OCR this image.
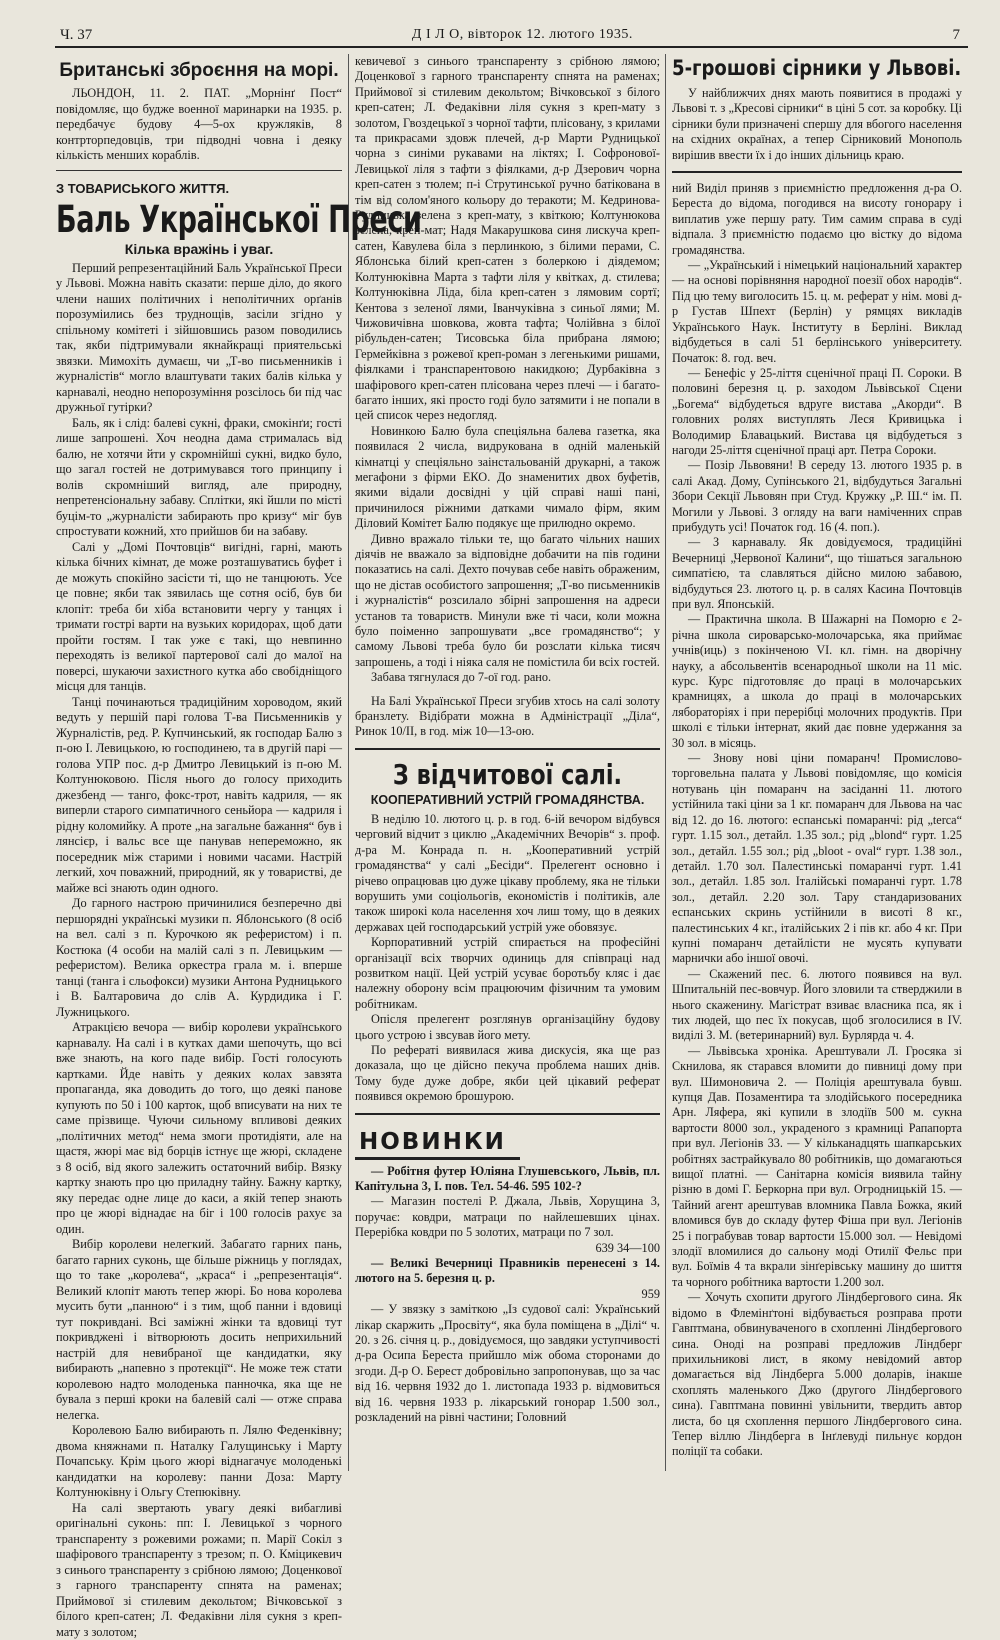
Ч. 37	Д І Л О, вівторок 12. лютого 1935.	7
Британські зброєння на морі.

ЛЬОНДОН, 11. 2. ПАТ. „Морнінґ Пост“ повідомляє, що будже военної маринарки на 1935. р. передбачує будову 4—5-ох кружляків, 8 контрторпедовців, три підводні човна і деяку кількість менших кораблів.

З ТОВАРИСЬКОГО ЖИТТЯ.
Баль Української Преси
Кілька вражінь і уваг.

Перший репрезентаційний Баль Української Преси у Львові. Можна навіть сказати: перше діло, до якого члени наших політичних і неполітичних орґанів порозуміились без труднощів, засіли згідно у спільному комітеті і зійшовшись разом поводились так, якби підтримували якнайкращі приятельські звязки. Мимохіть думаєш, чи „Т-во письменників і журналістів“ могло влаштувати таких балів кілька у карнавалі, неодно непорозуміння розсілось би під час дружньої гутірки?

Баль, як і слід: балеві сукні, фраки, смокінґи; гості лише запрошені. Хоч неодна дама стрималась від балю, не хотячи йти у скромнійші сукні, видко було, що загал гостей не дотримувався того принципу і волів скромніший вигляд, але природну, непретенсіональну забаву. Сплітки, які йшли по місті буцім-то „журналісти забирають про кризу“ міг був спростувати кожний, хто прийшов би на забаву.

Салі у „Домі Почтовців“ вигідні, гарні, мають кілька бічних кімнат, де може розташуватись буфет і де можуть спокійно засісти ті, що не танцюють. Усе це повне; якби так зявилась ще сотня осіб, був би клопіт: треба би хіба встановити чергу у танцях і тримати гострі варти на вузьких коридорах, щоб дати пройти гостям. І так уже є такі, що невпинно переходять із великої партерової салі до малої на поверсі, шукаючи захистного кутка або свобідніщого місця для танців.

Танці починаються традиційним хороводом, який ведуть у першій парі голова Т-ва Письменників у Журналістів, ред. Р. Купчинський, як господар Балю з п-ою І. Левицькою, ю господинею, та в другій парі — голова УПР пос. д-р Дмитро Левицький із п-ою М. Колтунюковою. Після нього до голосу приходить джезбенд — танго, фокс-трот, навіть кадриля, — як виперли старого симпатичного сеньйора — кадриля і рідну коломийку. А проте „на загальне бажання“ був і лянсієр, і вальс все ще панував непереможно, як посередник між старими і новими часами. Настрій легкий, хоч поважний, природний, як у товаристві, де майже всі знають один одного.

До гарного настрою причинилися безперечно дві першорядні українські музики п. Яблонського (8 осіб на вел. салі з п. Курочкою як реферистом) і п. Костюка (4 особи на малій салі з п. Левицьким — реферистом). Велика оркестра грала м. і. вперше танці (танга і сльофокси) музики Антона Рудницького і В. Балтаровича до слів А. Курдидика і Г. Лужницького.

Атракцією вечора — вибір королеви українського карнавалу. На салі і в кутках дами шепочуть, що всі вже знають, на кого паде вибір. Гості голосують картками. Йде навіть у деяких колах завзята пропаганда, яка доводить до того, що деякі панове купують по 50 і 100 карток, щоб вписувати на них те саме прізвище. Чуючи сильному впливові деяких „політичних метод“ нема змоги протидіяти, але на щастя, жюрі має від борців істнує ще жюрі, складене з 8 осіб, від якого залежить остаточний вибір. Вязку картку знають про цю приладну тайну. Бажну картку, яку передає одне лице до каси, а якій тепер знають про це жюрі віднадає на біг і 100 голосів рахує за один.

Вибір королеви нелегкий. Забагато гарних пань, багато гарних суконь, ще більше ріжниць у поглядах, що то таке „королева“, „краса“ і „репрезентація“. Великий клопіт мають тепер жюрі. Бо нова королева мусить бути „панною“ і з тим, щоб панни і вдовиці тут покривдані. Всі заміжні жінки та вдовиці тут покривджені і вітворюють досить неприхильний настрій для невибраної ще кандидатки, яку вибирають „напевно з протекції“. Не може теж стати королевою надто молоденька панночка, яка ще не бувала з перші кроки на балевій салі — отже справа нелегка.

Королевою Балю вибирають п. Лялю Феденківну; двома княжнами п. Наталку Галущинську і Марту Почапську. Крім цього жюрі віднагачує молоденькі кандидатки на королеву: панни Доза: Марту Колтунюківну і Ольгу Степюківну.

На салі звертають увагу деякі вибагливі оригінальні суконь: пп: І. Левицької з чорного транспаренту з рожевими рожами; п. Марії Сокіл з шафірового транспаренту з трезом; п. О. Кміцикевич з синього транспаренту з срібною лямою; Доценкової з гарного транспаренту спнята на раменах; Приймової зі стилевим декольтом; Вічковської з білого креп-сатен; Л. Федаківни ліля сукня з креп-мату з золотом;

кевичевої з синього транспаренту з срібною лямою; Доценкової з гарного транспаренту спнята на раменах; Приймової зі стилевим декольтом; Вічковської з білого креп-сатен; Л. Федаківни ліля сукня з креп-мату з золотом, Гвоздецької з чорної тафти, плісовану, з крилами та прикрасами здовж плечей, д-р Марти Рудницької чорна з синіми рукавами на ліктях; І. Софронової-Левицької ліля з тафти з фіялками, д-р Дзерович чорна креп-сатен з тюлем; п-і Струтинської ручно батікована в тім від солом'яного кольору до теракоти; М. Кедринова-Рудницька зелена з креп-мату, з квіткою; Колтунюкова зелена, креп-мат; Надя Макарушкова синя лискуча креп-сатен, Кавулева біла з перлинкою, з білими перами, С. Яблонська білий креп-сатен з болеркою і діядемом; Колтунюківна Марта з тафти ліля у квітках, д. стилева; Колтунюківна Ліда, біла креп-сатен з лямовим сортї; Кентова з зеленої лями, Іванчуківна з синьої лями; М. Чижовичівна шовкова, жовта тафта; Чолійвна з білої рібульден-сатен; Тисовська біла прибрана лямою; Гермейківна з рожевої креп-роман з легенькими ришами, фіялками і транспарентовою накидкою; Дурбаківна з шафірового креп-сатен плісована через плечі — і багато-багато інших, які просто годі було затямити і не попали в цей список через недогляд.

Новинкою Балю була спеціяльна балева газетка, яка появилася 2 числа, видрукована в одній маленькій кімнатці у спеціяльно заінстальованій друкарні, а також мегафони з фірми ЕКО. До знаменитих двох буфетів, якими відали досвідні у цій справі наші пані, причинилося ріжними датками чимало фірм, яким Діловий Комітет Балю подякує ще прилюдно окремо.

Дивно вражало тільки те, що багато чільних наших діячів не вважало за відповідне добачити на пів години показатись на салі. Дехто почував себе навіть ображеним, що не дістав особистого запрошення; „Т-во письменників і журналістів“ розсилало збірні запрошення на адреси установ та товариств. Минули вже ті часи, коли можна було поіменно запрошувати „все громадянство“; у самому Львові треба було би розслати кілька тисяч запрошень, а тоді і ніяка саля не помістила би всіх гостей.

Забава тягнулася до 7-ої год. рано.

На Балі Української Преси згубив хтось на салі золоту бранзлету. Відібрати можна в Адміністрації „Діла“, Ринок 10/ІІ, в год. між 10—13-ою.

З відчитової салі.
КООПЕРАТИВНИЙ УСТРІЙ ГРОМАДЯНСТВА.

В неділю 10. лютого ц. р. в год. 6-ій вечором відбувся черговий відчит з циклю „Академічних Вечорів“ з. проф. д-ра М. Конрада п. н. „Кооперативний устрій громадянства“ у салі „Бесіди“. Прелегент основно і річево опрацював цю дуже цікаву проблему, яка не тільки ворушить уми соціольогів, економістів і політиків, але також широкі кола населення хоч лиш тому, що в деяких державах цей господарський устрій уже обовязує.

Корпоративний устрій спирається на професійні організації всіх творчих одиниць для співпраці над розвитком нації. Цей устрій усуває боротьбу кляс і дає належну оборону всім працюючим фізичним та умовим робітникам.

Опісля прелегент розглянув організаційну будову цього устрою і звсував його мету.

По рефераті виявилася жива дискусія, яка ще раз доказала, що це дійсно пекуча проблема наших днів. Тому буде дуже добре, якби цей цікавий реферат появився окремою брошурою.

НОВИНКИ

— Робітня футер Юліяна Глушевського, Львів, пл. Капітульна 3, І. пов. Тел. 54-46. 595 102-?

— Магазин постелі Р. Джала, Львів, Хорущина 3, поручає: ковдри, матраци по найлешевших цінах. Перерібка ковдри по 5 золотих, матраци по 7 зол.

639 34—100

— Великі Вечерниці Правників перенесені з 14. лютого на 5. березня ц. р.

959

— У звязку з заміткою „Із судової салі: Український лікар скаржить „Просвіту“, яка була поміщена в „Ділі“ ч. 20. з 26. січня ц. р., довідуємося, що завдяки уступчивості д-ра Осипа Береста прийшло між обома сторонами до згоди. Д-р О. Берест добровільно запропонував, що за час від 16. червня 1932 до 1. листопада 1933 р. відмовиться від 16. червня 1933 р. лікарський гонорар 1.500 зол., розкладений на рівні частини; Головний

5-грошові сірники у Львові.

У найближчих днях мають появитися в продажі у Львові т. з „Кресові сірники“ в ціні 5 сот. за коробку. Ці сірники були призначені спершу для вбогого населення на східних окраїнах, а тепер Сірниковий Монополь вирішив ввести їх і до інших дільниць краю.

ний Виділ приняв з приємністю предложення д-ра О. Береста до відома, погодився на висоту гонорару і виплатив уже першу рату. Тим самим справа в суді відпала. З приємністю подаємо цю вістку до відома громадянства.

— „Український і німецький національний характер — на основі порівняння народної поезії обох народів“. Під цю тему виголосить 15. ц. м. реферат у нім. мові д-р Густав Шпехт (Берлін) у рямцях викладів Українського Наук. Інституту в Берліні. Виклад відбудеться в салі 51 берлінського університету. Початок: 8. год. веч.

— Бенефіс у 25-ліття сценічної праці П. Сороки. В половині березня ц. р. заходом Львівської Сцени „Богема“ відбудеться вдруге вистава „Акорди“. В головних ролях виступлять Леся Кривицька і Володимир Блавацький. Вистава ця відбудеться з нагоди 25-ліття сценічної праці арт. Петра Сороки.

— Позір Львовяни! В середу 13. лютого 1935 р. в салі Акад. Дому, Супінського 21, відбудуться Загальні Збори Секції Львовян при Студ. Кружку „Р. Ш.“ ім. П. Могили у Львові. З огляду на ваги наміченних справ прибудуть усі! Початок год. 16 (4. поп.).

— З карнавалу. Як довідуємося, традиційні Вечерниці „Червоної Калини“, що тішаться загальною симпатією, та славляться дійсно милою забавою, відбудуться 23. лютого ц. р. в салях Касина Почтовців при вул. Японській.

— Практична школа. В Шажарні на Поморю є 2-річна школа сироварсько-молочарська, яка приймає учнів(иць) з покінченою VI. кл. гімн. на дворічну науку, а абсольвентів всенародньої школи на 11 міс. курс. Курс підготовляє до праці в молочарських крамницях, а школа до праці в молочарських лябораторіях і при перерібці молочних продуктів. При школі є тільки інтернат, який дає повне удержання за 30 зол. в місяць.

— Знову нові ціни помаранч! Промислово-торговельна палата у Львові повідомляє, що комісія нотувань цін помаранч на засіданні 11. лютого устійнила такі ціни за 1 кг. помаранч для Львова на час від 12. до 16. лютого: еспанські помаранчі: рід „terca“ гурт. 1.15 зол., детайл. 1.35 зол.; рід „blond“ гурт. 1.25 зол., детайл. 1.55 зол.; рід „bloot - oval“ гурт. 1.38 зол., детайл. 1.70 зол. Палестинські помаранчі гурт. 1.41 зол., детайл. 1.85 зол. Італійські помаранчі гурт. 1.78 зол., детайл. 2.20 зол. Тару стандаризованих еспанських скринь устійнили в висоті 8 кг., палестинських 4 кг., італійських 2 і пів кг. або 4 кг. При купні помаранч детайлісти не мусять купувати марнички або іншої овочі.

— Скажений пес. 6. лютого появився на вул. Шпитальній пес-вовчур. Його зловили та стверджили в нього скаженину. Магістрат взиває власника пса, як і тих людей, що пес їх покусав, щоб зголосилися в IV. виділі З. М. (ветеринарний) вул. Бурлярда ч. 4.

— Львівська хроніка. Арештували Л. Гросяка зі Скнилова, як старався вломити до пивниці дому при вул. Шимоновича 2. — Поліція арештувала бувш. купця Дав. Позаментира та злодійського посередника Арн. Ляфера, які купили в злодіїв 500 м. сукна вартости 8000 зол., украденого з крамниці Рапапорта при вул. Легіонів 33. — У кільканадцять шапкарських робітнях застрайкувало 80 робітників, що домагаються вищої платні. — Санітарна комісія виявила тайну різню в домі Г. Беркорна при вул. Огродницькій 15. — Тайний агент арештував вломника Павла Божка, який вломився був до складу футер Фіша при вул. Легіонів 25 і пограбував товар вартости 15.000 зол. — Невідомі злодії вломилися до сальону моді Отилії Фельс при вул. Боїмів 4 та вкрали зінґерівську машину до шиття та чорного робітника вартости 1.200 зол.

— Хочуть схопити другого Ліндбергового сина. Як відомо в Флемінґтоні відбувається розправа проти Гавптмана, обвинуваченого в схопленні Ліндбергового сина. Оноді на розправі предложив Ліндберг прихильникові лист, в якому невідомий автор домагається від Ліндберга 5.000 доларів, інакше схоплять маленького Джо (другого Ліндбергового сина). Гавптмана повинні увільнити, твердить автор листа, бо ця схоплення першого Ліндбергового сина. Тепер віллю Ліндберга в Інґлевуді пильнує кордон поліції та собаки.
